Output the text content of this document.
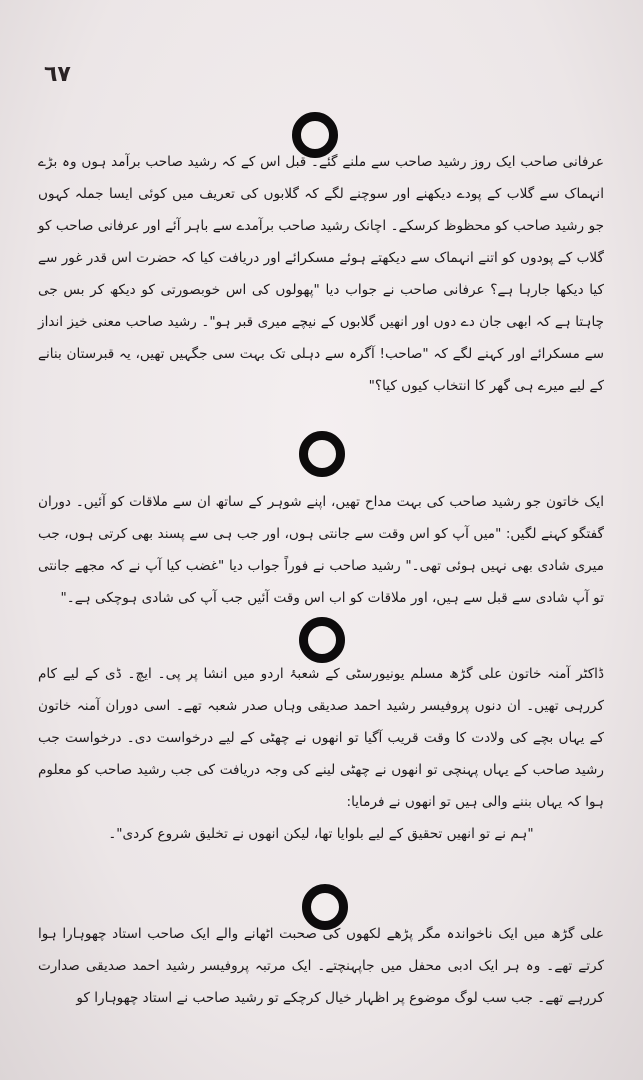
٦٧
عرفانی صاحب ایک روز رشید صاحب سے ملنے گئے۔ قبل اس کے کہ رشید صاحب برآمد ہوں وہ بڑے انہماک سے گلاب کے پودے دیکھنے اور سوچنے لگے کہ گلابوں کی تعریف میں کوئی ایسا جملہ کہوں جو رشید صاحب کو محظوظ کرسکے۔ اچانک رشید صاحب برآمدے سے باہر آئے اور عرفانی صاحب کو گلاب کے پودوں کو اتنے انہماک سے دیکھتے ہوئے مسکرائے اور دریافت کیا کہ حضرت اس قدر غور سے کیا دیکھا جارہا ہے؟ عرفانی صاحب نے جواب دیا "پھولوں کی اس خوبصورتی کو دیکھ کر بس جی چاہتا ہے کہ ابھی جان دے دوں اور انھیں گلابوں کے نیچے میری قبر ہو"۔ رشید صاحب معنی خیز انداز سے مسکرائے اور کہنے لگے کہ "صاحب! آگرہ سے دہلی تک بہت سی جگہیں تھیں، یہ قبرستان بنانے کے لیے میرے ہی گھر کا انتخاب کیوں کیا؟"
ایک خاتون جو رشید صاحب کی بہت مداح تھیں، اپنے شوہر کے ساتھ ان سے ملاقات کو آئیں۔ دوران گفتگو کہنے لگیں: "میں آپ کو اس وقت سے جانتی ہوں، اور جب ہی سے پسند بھی کرتی ہوں، جب میری شادی بھی نہیں ہوئی تھی۔" رشید صاحب نے فوراً جواب دیا "غضب کیا آپ نے کہ مجھے جانتی تو آپ شادی سے قبل سے ہیں، اور ملاقات کو اب اس وقت آئیں جب آپ کی شادی ہوچکی ہے۔"
ڈاکٹر آمنہ خاتون علی گڑھ مسلم یونیورسٹی کے شعبۂ اردو میں انشا پر پی۔ ایچ۔ ڈی کے لیے کام کررہی تھیں۔ ان دنوں پروفیسر رشید احمد صدیقی وہاں صدر شعبہ تھے۔ اسی دوران آمنہ خاتون کے یہاں بچے کی ولادت کا وقت قریب آگیا تو انھوں نے چھٹی کے لیے درخواست دی۔ درخواست جب رشید صاحب کے یہاں پہنچی تو انھوں نے چھٹی لینے کی وجہ دریافت کی جب رشید صاحب کو معلوم ہوا کہ یہاں بننے والی ہیں تو انھوں نے فرمایا:
"ہم نے تو انھیں تحقیق کے لیے بلوایا تھا، لیکن انھوں نے تخلیق شروع کردی"۔
علی گڑھ میں ایک ناخواندہ مگر پڑھے لکھوں کی صحبت اٹھانے والے ایک صاحب استاد چھوہارا ہوا کرتے تھے۔ وہ ہر ایک ادبی محفل میں جاپہنچتے۔ ایک مرتبہ پروفیسر رشید احمد صدیقی صدارت کررہے تھے۔ جب سب لوگ موضوع پر اظہار خیال کرچکے تو رشید صاحب نے استاد چھوہارا کو
